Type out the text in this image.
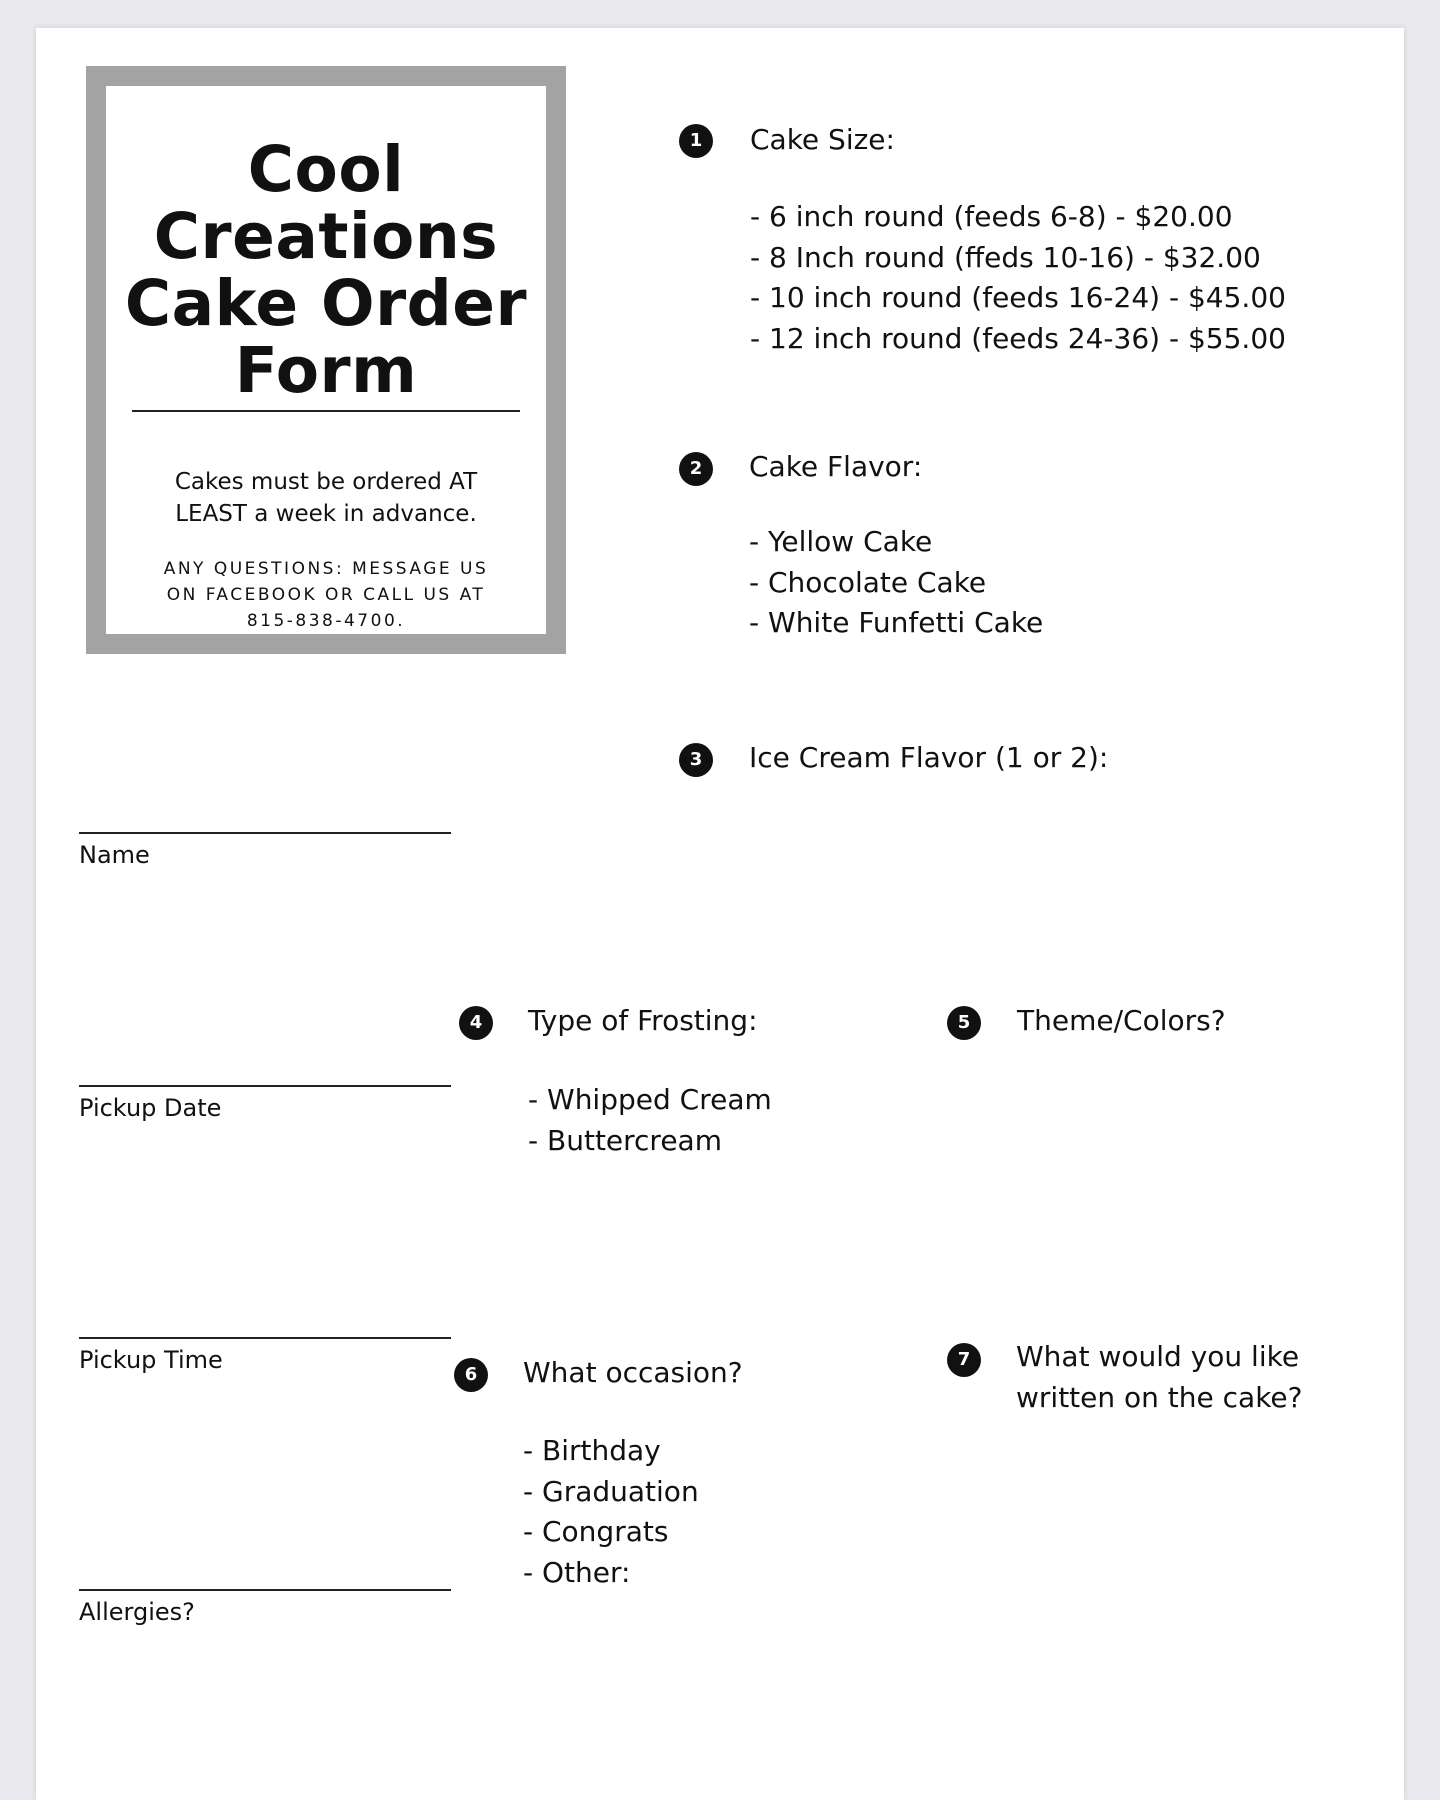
Cool
Creations
Cake Order
Form
Cakes must be ordered AT
LEAST a week in advance.
ANY QUESTIONS: MESSAGE US
ON FACEBOOK OR CALL US AT
815-838-4700.
1	Cake Size:
- 6 inch round (feeds 6-8) - $20.00
- 8 Inch round (ffeds 10-16) - $32.00
- 10 inch round (feeds 16-24) - $45.00
- 12 inch round (feeds 24-36) - $55.00
2	Cake Flavor:
- Yellow Cake
- Chocolate Cake
- White Funfetti Cake
3	Ice Cream Flavor (1 or 2):
Name
Pickup Date
Pickup Time
Allergies?
4	Type of Frosting:
- Whipped Cream
- Buttercream
5	Theme/Colors?
6	What occasion?
- Birthday
- Graduation
- Congrats
- Other:
7	What would you like
written on the cake?
